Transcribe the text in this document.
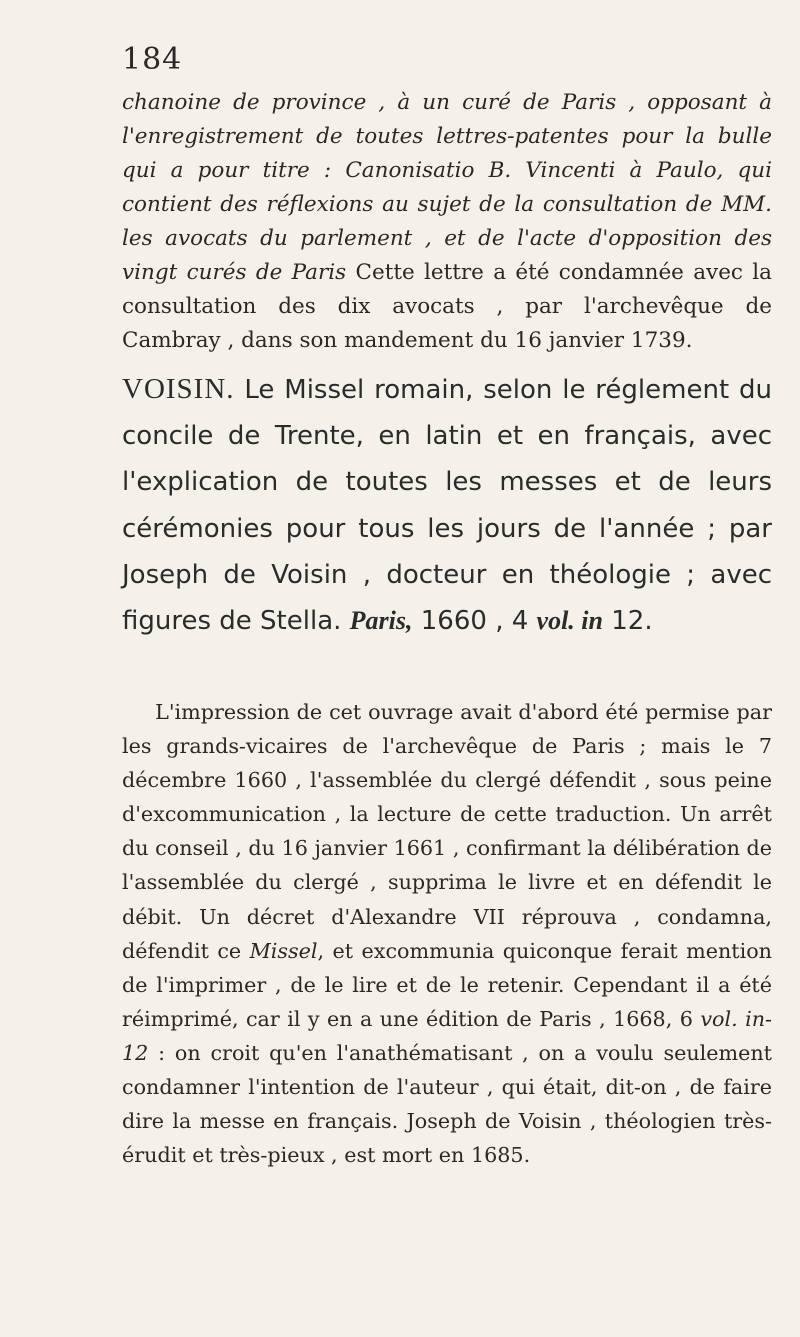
184
chanoine de province , à un curé de Paris , opposant à l'enregistrement de toutes lettres-patentes pour la bulle qui a pour titre : Canonisatio B. Vincenti à Paulo, qui contient des réflexions au sujet de la consultation de MM. les avocats du parlement , et de l'acte d'opposition des vingt curés de Paris Cette lettre a été condamnée avec la consultation des dix avocats , par l'archevêque de Cambray , dans son mandement du 16 janvier 1739.
VOISIN. Le Missel romain, selon le réglement du concile de Trente, en latin et en français, avec l'explication de toutes les messes et de leurs cérémonies pour tous les jours de l'année ; par Joseph de Voisin , docteur en théologie ; avec figures de Stella. Paris, 1660 , 4 vol. in 12.
L'impression de cet ouvrage avait d'abord été permise par les grands-vicaires de l'archevêque de Paris ; mais le 7 décembre 1660 , l'assemblée du clergé défendit , sous peine d'excommunication , la lecture de cette traduction. Un arrêt du conseil , du 16 janvier 1661 , confirmant la délibération de l'assemblée du clergé , supprima le livre et en défendit le débit. Un décret d'Alexandre VII réprouva , condamna, défendit ce Missel, et excommunia quiconque ferait mention de l'imprimer , de le lire et de le retenir. Cependant il a été réimprimé, car il y en a une édition de Paris , 1668, 6 vol. in-12 : on croit qu'en l'anathématisant , on a voulu seulement condamner l'intention de l'auteur , qui était, dit-on , de faire dire la messe en français. Joseph de Voisin , théologien très-érudit et très-pieux , est mort en 1685.
